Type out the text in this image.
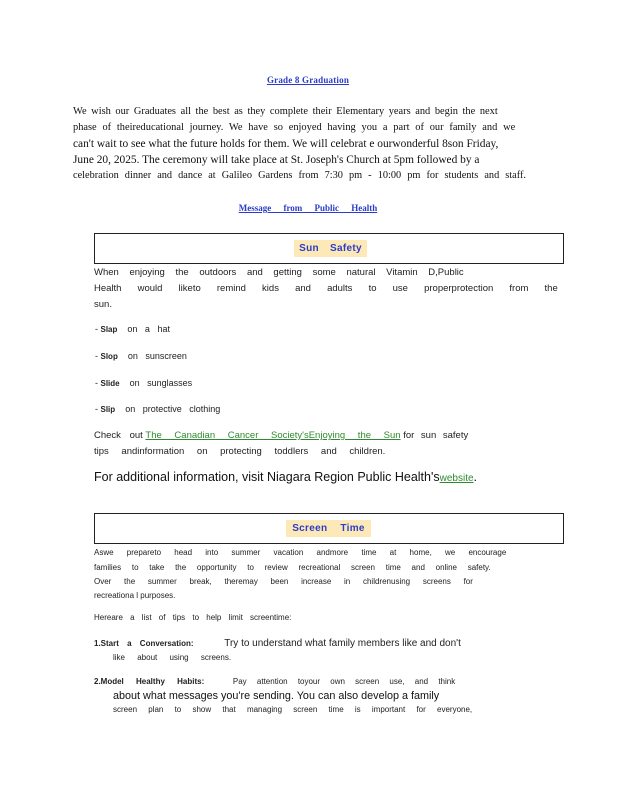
Grade 8 Graduation
We wish our Graduates all the best as they complete their Elementary years and begin the next
phase of theireducational journey. We have so enjoyed having you a part of our family and we
can't wait to see what the future holds for them. We will celebrat e ourwonderful 8son Friday,
June 20, 2025. The ceremony will take place at St. Joseph's Church at 5pm followed by a
celebration dinner and dance at Galileo Gardens from 7:30 pm - 10:00 pm for students and staff.
Message from Public Health
Sun Safety
When enjoying the outdoors and getting some natural Vitamin D,Public
Health would liketo remind kids and adults to use properprotection from the
sun.
- Slap on a hat
- Slop on sunscreen
- Slide on sunglasses
- Slip on protective clothing
Check out The Canadian Cancer Society'sEnjoying the Sun for sun safety
tips andinformation on protecting toddlers and children.
For additional information, visit Niagara Region Public Health'swebsite.
Screen Time
Aswe prepareto head into summer vacation andmore time at home, we encourage
families to take the opportunity to review recreational screen time and online safety.
Over the summer break, theremay been increase in childrenusing screens for
recreationa l purposes.
Hereare a list of tips to help limit screentime:
1.Start a Conversation:	Try to understand what family members like and don't
like about using screens.
2.Model Healthy Habits:	Pay attention toyour own screen use, and think
about what messages you're sending. You can also develop a family
screen plan to show that managing screen time is important for everyone,
